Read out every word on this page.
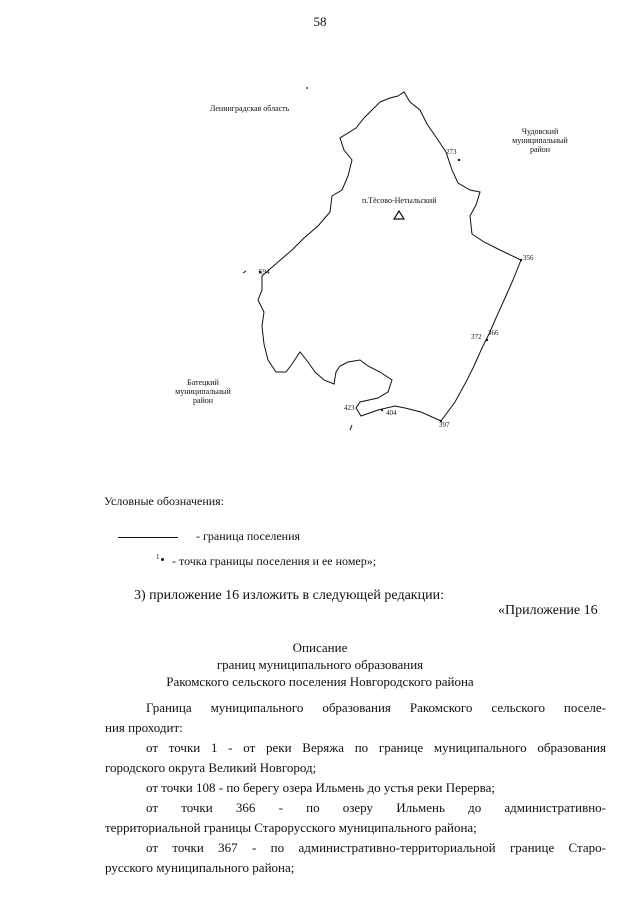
58
Ленинградская область
Чудовский
муниципальный
район
Батецкий
муниципальный
район
п.Тёсово-Нетыльский
273
356
366
372
397
404
423
594
Условные обозначения:
- граница поселения
1 - точка границы поселения и ее номер»;
3) приложение 16 изложить в следующей редакции:
«Приложение 16
Описание
границ муниципального образования
Ракомского сельского поселения Новгородского района
Граница муниципального образования Ракомского сельского поселе-
ния проходит:
от точки 1 - от реки Веряжа по границе муниципального образования
городского округа Великий Новгород;
от точки 108 - по берегу озера Ильмень до устья реки Перерва;
от точки 366 - по озеру Ильмень до административно-
территориальной границы Старорусского муниципального района;
от точки 367 - по административно-территориальной границе Старо-
русского муниципального района;
